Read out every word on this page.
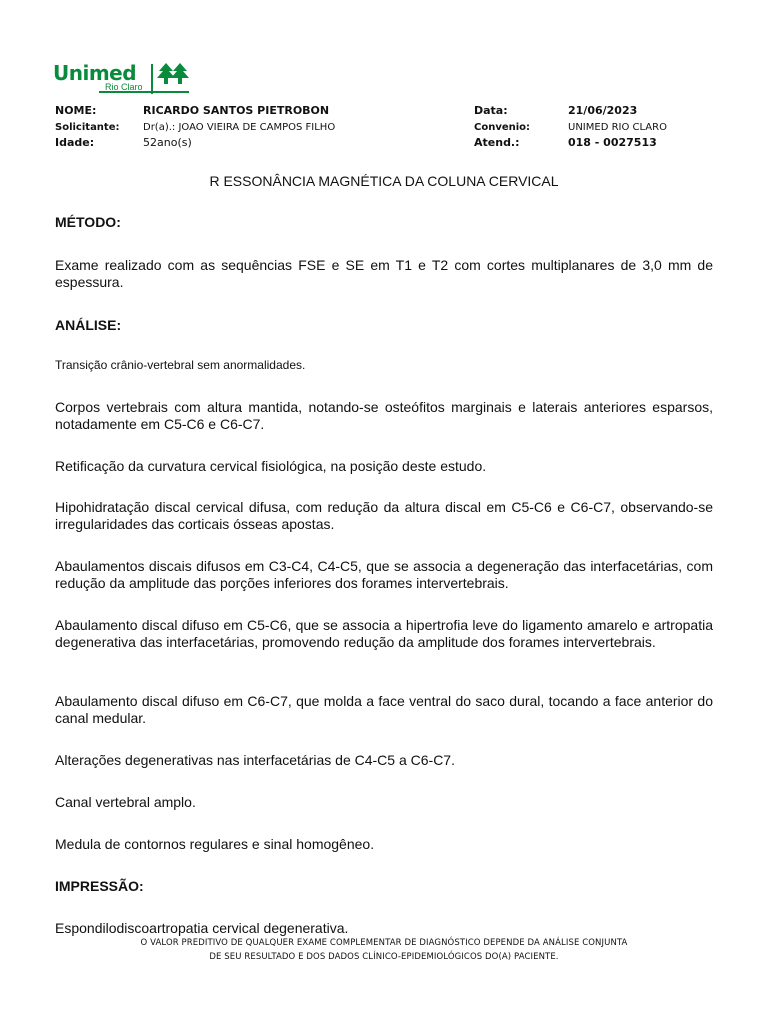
Unimed
Rio Claro
NOME:	RICARDO SANTOS PIETROBON	Data:	21/06/2023
Solicitante: Dr(a).: JOAO VIEIRA DE CAMPOS FILHO	Convenio:	UNIMED RIO CLARO
Idade:	52ano(s)	Atend.:	018 - 0027513
R ESSONÂNCIA MAGNÉTICA DA COLUNA CERVICAL
MÉTODO:

Exame realizado com as sequências FSE e SE em T1 e T2 com cortes multiplanares de 3,0 mm de espessura.

ANÁLISE:

Transição crânio-vertebral sem anormalidades.

Corpos vertebrais com altura mantida, notando-se osteófitos marginais e laterais anteriores esparsos, notadamente em C5-C6 e C6-C7.

Retificação da curvatura cervical fisiológica, na posição deste estudo.

Hipohidratação discal cervical difusa, com redução da altura discal em C5-C6 e C6-C7, observando-se irregularidades das corticais ósseas apostas.

Abaulamentos discais difusos em C3-C4, C4-C5, que se associa a degeneração das interfacetárias, com redução da amplitude das porções inferiores dos forames intervertebrais.

Abaulamento discal difuso em C5-C6, que se associa a hipertrofia leve do ligamento amarelo e artropatia degenerativa das interfacetárias, promovendo redução da amplitude dos forames intervertebrais.

Abaulamento discal difuso em C6-C7, que molda a face ventral do saco dural, tocando a face anterior do canal medular.

Alterações degenerativas nas interfacetárias de C4-C5 a C6-C7.

Canal vertebral amplo.

Medula de contornos regulares e sinal homogêneo.

IMPRESSÃO:

Espondilodiscoartropatia cervical degenerativa.

O VALOR PREDITIVO DE QUALQUER EXAME COMPLEMENTAR DE DIAGNÓSTICO DEPENDE DA ANÁLISE CONJUNTA
DE SEU RESULTADO E DOS DADOS CLÍNICO-EPIDEMIOLÓGICOS DO(A) PACIENTE.
